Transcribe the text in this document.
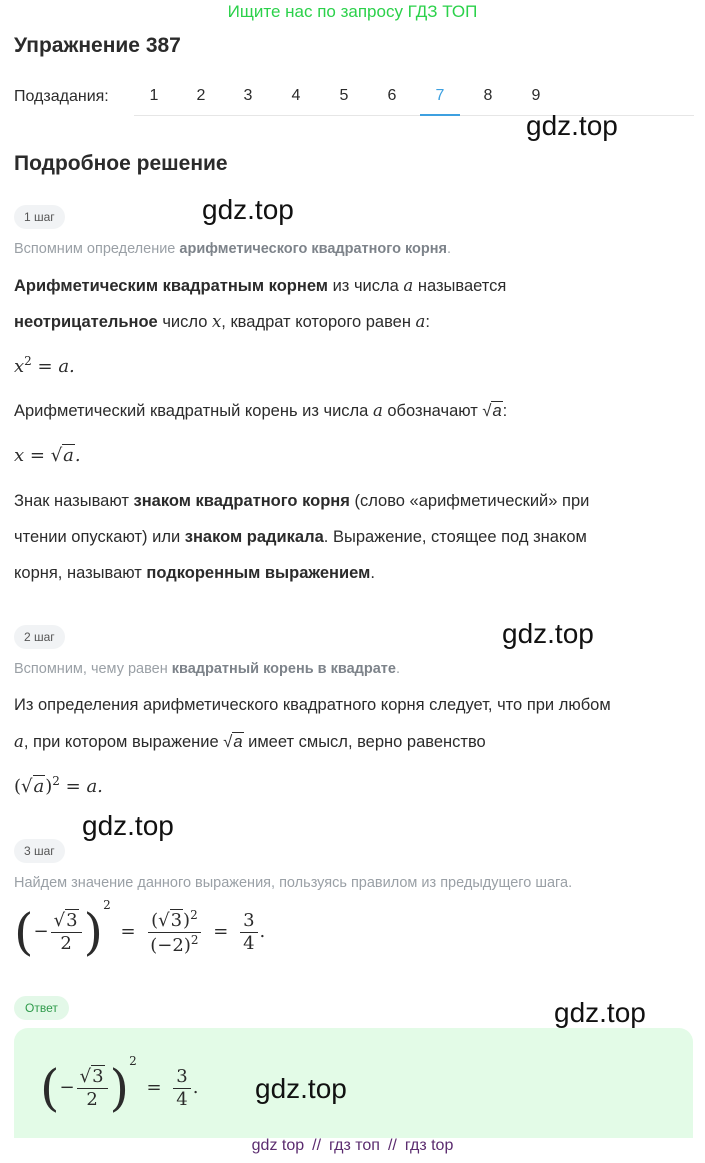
Ищите нас по запросу ГДЗ ТОП
Упражнение 387
Подзадания:	1	2	3	4	5	6	7	8	9
Подробное решение
1 шаг
Вспомним определение арифметического квадратного корня.
Арифметическим квадратным корнем из числа a называется
неотрицательное число x, квадрат которого равен a:
$x^2 = a$.
Арифметический квадратный корень из числа a обозначают √a:
x = √a.
Знак называют знаком квадратного корня (слово «арифметический» при
чтении опускают) или знаком радикала. Выражение, стоящее под знаком
корня, называют подкоренным выражением.
2 шаг
Вспомним, чему равен квадратный корень в квадрате.
Из определения арифметического квадратного корня следует, что при любом
a, при котором выражение √a имеет смысл, верно равенство
$(√a)^2 = a$.
3 шаг
Найдем значение данного выражения, пользуясь правилом из предыдущего шага.
(− $\frac{√3}{2} )^2 = \frac{(√3)^2}{(-2)^2} = \frac{3}{4}$ .
Ответ
(− $\frac{√3}{2} )^2 = \frac{3}{4}$ .
gdz.top
gdz.top
gdz.top
gdz.top
gdz.top
gdz.top
gdz top // гдз топ // гдз top
